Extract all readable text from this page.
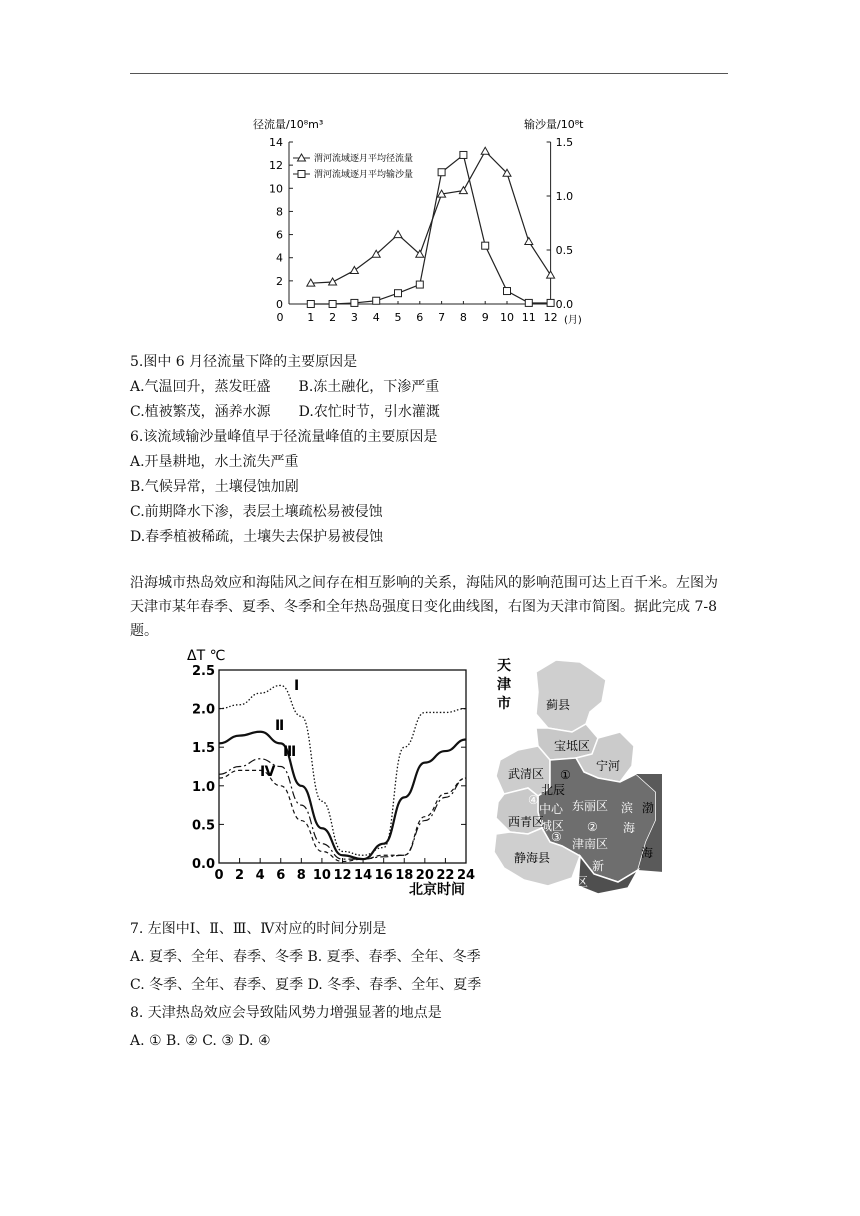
径流量/10⁸m³	输沙量/10⁸t
0
2
4
6
8
10
12
14
0.0
0.5
1.0
1.5
0 1 2 3 4 5 6 7 8 9 10 11 12 (月)
渭河流域逐月平均径流量
渭河流域逐月平均输沙量
5.图中 6 月径流量下降的主要原因是
A.气温回升，蒸发旺盛　　B.冻土融化，下渗严重
C.植被繁茂，涵养水源　　D.农忙时节，引水灌溉
6.该流域输沙量峰值早于径流量峰值的主要原因是
A.开垦耕地，水土流失严重
B.气候异常，土壤侵蚀加剧
C.前期降水下渗，表层土壤疏松易被侵蚀
D.春季植被稀疏，土壤失去保护易被侵蚀
沿海城市热岛效应和海陆风之间存在相互影响的关系，海陆风的影响范围可达上百千米。左图为天津市某年春季、夏季、冬季和全年热岛强度日变化曲线图，右图为天津市简图。据此完成 7-8 题。
ΔT ℃
0.0
0.5
1.0
1.5
2.0
2.5
0 2 4 6 8 10 12 14 16 18 20 22 24
Ⅰ
Ⅱ
Ⅲ
Ⅳ
北京时间
天
津
市	蓟县
宝坻区
武清区
宁河
北辰
中心
城区
东丽区
西青区
津南区
静海县
滨
海
新
区
渤
海
①
②
③
④
7. 左图中Ⅰ、Ⅱ、Ⅲ、Ⅳ对应的时间分别是
A. 夏季、全年、春季、冬季 B. 夏季、春季、全年、冬季
C. 冬季、全年、春季、夏季 D. 冬季、春季、全年、夏季
8. 天津热岛效应会导致陆风势力增强显著的地点是
A. ① B. ② C. ③ D. ④
